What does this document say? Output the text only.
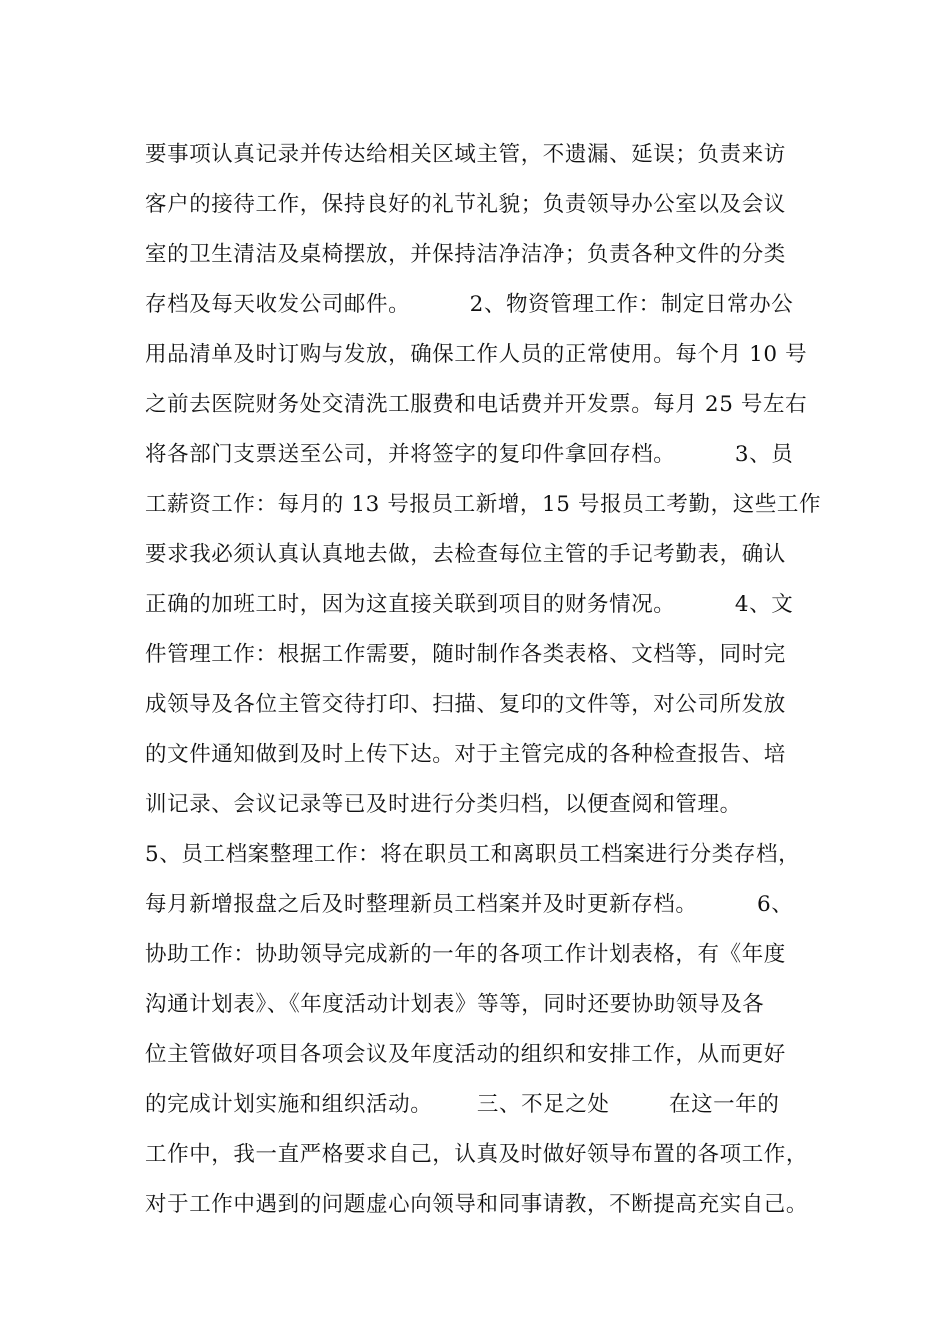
要事项认真记录并传达给相关区域主管，不遗漏、延误；负责来访
客户的接待工作，保持良好的礼节礼貌；负责领导办公室以及会议
室的卫生清洁及桌椅摆放，并保持洁净洁净；负责各种文件的分类
存档及每天收发公司邮件。        2、物资管理工作：制定日常办公
用品清单及时订购与发放，确保工作人员的正常使用。每个月 10 号
之前去医院财务处交清洗工服费和电话费并开发票。每月 25 号左右
将各部门支票送至公司，并将签字的复印件拿回存档。        3、员
工薪资工作：每月的 13 号报员工新增，15 号报员工考勤，这些工作
要求我必须认真认真地去做，去检查每位主管的手记考勤表，确认
正确的加班工时，因为这直接关联到项目的财务情况。        4、文
件管理工作：根据工作需要，随时制作各类表格、文档等，同时完
成领导及各位主管交待打印、扫描、复印的文件等，对公司所发放
的文件通知做到及时上传下达。对于主管完成的各种检查报告、培
训记录、会议记录等已及时进行分类归档，以便查阅和管理。
5、员工档案整理工作：将在职员工和离职员工档案进行分类存档，
每月新增报盘之后及时整理新员工档案并及时更新存档。        6、
协助工作：协助领导完成新的一年的各项工作计划表格，有《年度
沟通计划表》、《年度活动计划表》等等，同时还要协助领导及各
位主管做好项目各项会议及年度活动的组织和安排工作，从而更好
的完成计划实施和组织活动。      三、不足之处        在这一年的
工作中，我一直严格要求自己，认真及时做好领导布置的各项工作，
对于工作中遇到的问题虚心向领导和同事请教，不断提高充实自己。
